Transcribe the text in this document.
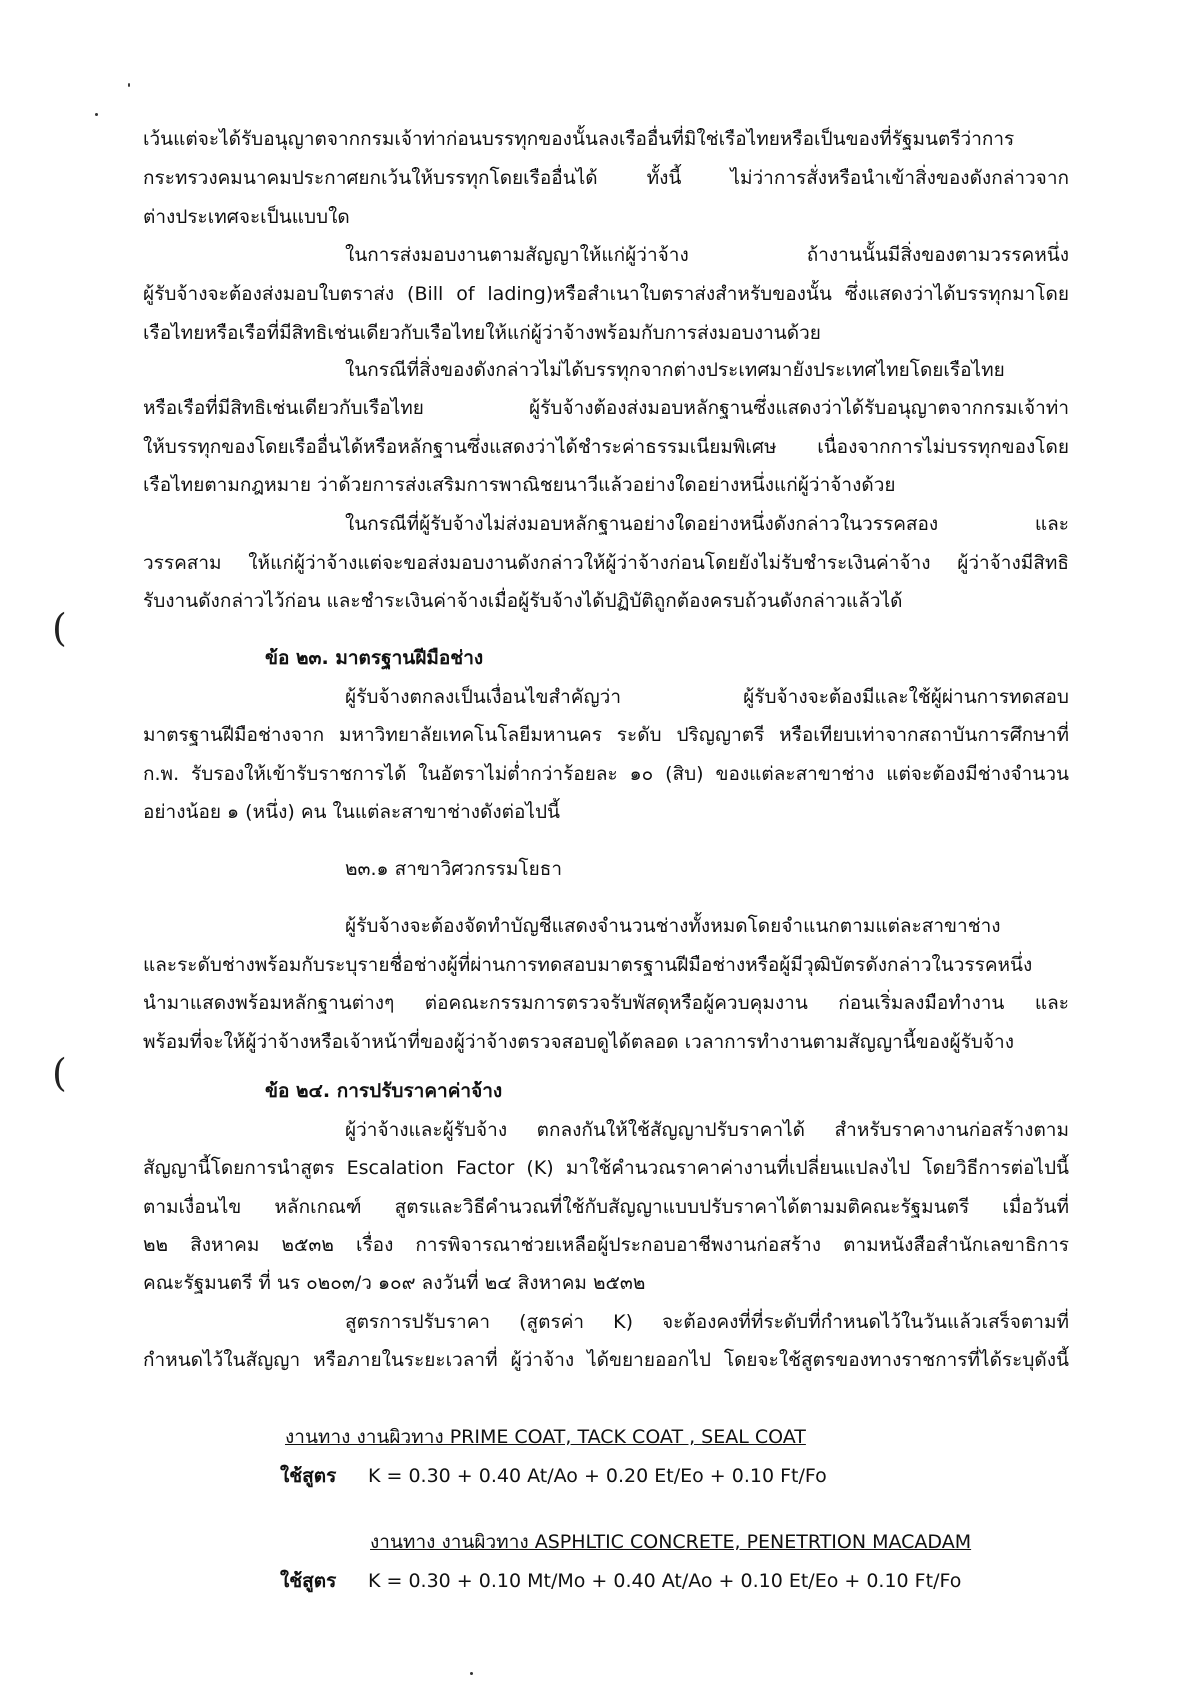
(
(
เว้นแต่จะได้รับอนุญาตจากกรมเจ้าท่าก่อนบรรทุกของนั้นลงเรืออื่นที่มิใช่เรือไทยหรือเป็นของที่รัฐมนตรีว่าการ
กระทรวงคมนาคมประกาศยกเว้นให้บรรทุกโดยเรืออื่นได้ ทั้งนี้ ไม่ว่าการสั่งหรือนำเข้าสิ่งของดังกล่าวจาก
ต่างประเทศจะเป็นแบบใด
ในการส่งมอบงานตามสัญญาให้แก่ผู้ว่าจ้าง ถ้างานนั้นมีสิ่งของตามวรรคหนึ่ง
ผู้รับจ้างจะต้องส่งมอบใบตราส่ง (Bill of lading)หรือสำเนาใบตราส่งสำหรับของนั้น ซึ่งแสดงว่าได้บรรทุกมาโดย
เรือไทยหรือเรือที่มีสิทธิเช่นเดียวกับเรือไทยให้แก่ผู้ว่าจ้างพร้อมกับการส่งมอบงานด้วย
ในกรณีที่สิ่งของดังกล่าวไม่ได้บรรทุกจากต่างประเทศมายังประเทศไทยโดยเรือไทย
หรือเรือที่มีสิทธิเช่นเดียวกับเรือไทย ผู้รับจ้างต้องส่งมอบหลักฐานซึ่งแสดงว่าได้รับอนุญาตจากกรมเจ้าท่า
ให้บรรทุกของโดยเรืออื่นได้หรือหลักฐานซึ่งแสดงว่าได้ชำระค่าธรรมเนียมพิเศษ เนื่องจากการไม่บรรทุกของโดย
เรือไทยตามกฎหมาย ว่าด้วยการส่งเสริมการพาณิชยนาวีแล้วอย่างใดอย่างหนึ่งแก่ผู้ว่าจ้างด้วย
ในกรณีที่ผู้รับจ้างไม่ส่งมอบหลักฐานอย่างใดอย่างหนึ่งดังกล่าวในวรรคสอง และ
วรรคสาม ให้แก่ผู้ว่าจ้างแต่จะขอส่งมอบงานดังกล่าวให้ผู้ว่าจ้างก่อนโดยยังไม่รับชำระเงินค่าจ้าง ผู้ว่าจ้างมีสิทธิ
รับงานดังกล่าวไว้ก่อน และชำระเงินค่าจ้างเมื่อผู้รับจ้างได้ปฏิบัติถูกต้องครบถ้วนดังกล่าวแล้วได้
ข้อ ๒๓. มาตรฐานฝีมือช่าง
ผู้รับจ้างตกลงเป็นเงื่อนไขสำคัญว่า ผู้รับจ้างจะต้องมีและใช้ผู้ผ่านการทดสอบ
มาตรฐานฝีมือช่างจาก มหาวิทยาลัยเทคโนโลยีมหานคร ระดับ ปริญญาตรี หรือเทียบเท่าจากสถาบันการศึกษาที่
ก.พ. รับรองให้เข้ารับราชการได้ ในอัตราไม่ต่ำกว่าร้อยละ ๑๐ (สิบ) ของแต่ละสาขาช่าง แต่จะต้องมีช่างจำนวน
อย่างน้อย ๑ (หนึ่ง) คน ในแต่ละสาขาช่างดังต่อไปนี้
๒๓.๑ สาขาวิศวกรรมโยธา
ผู้รับจ้างจะต้องจัดทำบัญชีแสดงจำนวนช่างทั้งหมดโดยจำแนกตามแต่ละสาขาช่าง
และระดับช่างพร้อมกับระบุรายชื่อช่างผู้ที่ผ่านการทดสอบมาตรฐานฝีมือช่างหรือผู้มีวุฒิบัตรดังกล่าวในวรรคหนึ่ง
นำมาแสดงพร้อมหลักฐานต่างๆ ต่อคณะกรรมการตรวจรับพัสดุหรือผู้ควบคุมงาน ก่อนเริ่มลงมือทำงาน และ
พร้อมที่จะให้ผู้ว่าจ้างหรือเจ้าหน้าที่ของผู้ว่าจ้างตรวจสอบดูได้ตลอด เวลาการทำงานตามสัญญานี้ของผู้รับจ้าง
ข้อ ๒๔. การปรับราคาค่าจ้าง
ผู้ว่าจ้างและผู้รับจ้าง ตกลงกันให้ใช้สัญญาปรับราคาได้ สำหรับราคางานก่อสร้างตาม
สัญญานี้โดยการนำสูตร Escalation Factor (K) มาใช้คำนวณราคาค่างานที่เปลี่ยนแปลงไป โดยวิธีการต่อไปนี้
ตามเงื่อนไข หลักเกณฑ์ สูตรและวิธีคำนวณที่ใช้กับสัญญาแบบปรับราคาได้ตามมติคณะรัฐมนตรี เมื่อวันที่
๒๒ สิงหาคม ๒๕๓๒ เรื่อง การพิจารณาช่วยเหลือผู้ประกอบอาชีพงานก่อสร้าง ตามหนังสือสำนักเลขาธิการ
คณะรัฐมนตรี ที่ นร ๐๒๐๓/ว ๑๐๙ ลงวันที่ ๒๔ สิงหาคม ๒๕๓๒
สูตรการปรับราคา (สูตรค่า K) จะต้องคงที่ที่ระดับที่กำหนดไว้ในวันแล้วเสร็จตามที่
กำหนดไว้ในสัญญา หรือภายในระยะเวลาที่ ผู้ว่าจ้าง ได้ขยายออกไป โดยจะใช้สูตรของทางราชการที่ได้ระบุดังนี้
งานทาง งานผิวทาง PRIME COAT, TACK COAT , SEAL COAT
ใช้สูตร K = 0.30 + 0.40 At/Ao + 0.20 Et/Eo + 0.10 Ft/Fo
งานทาง งานผิวทาง ASPHLTIC CONCRETE, PENETRTION MACADAM
ใช้สูตร K = 0.30 + 0.10 Mt/Mo + 0.40 At/Ao + 0.10 Et/Eo + 0.10 Ft/Fo
